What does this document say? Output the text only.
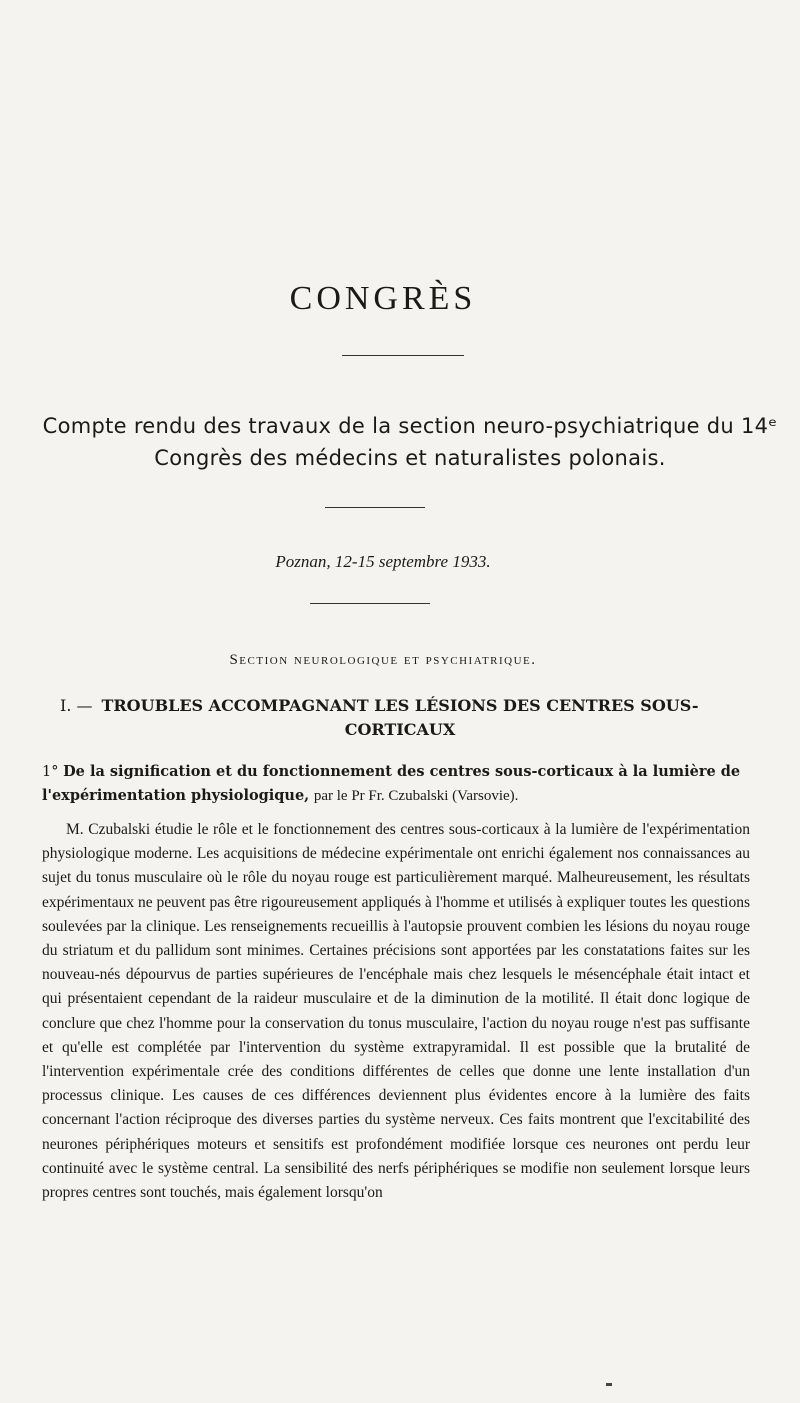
CONGRÈS
Compte rendu des travaux de la section neuro-psychiatrique du 14ᵉ Congrès des médecins et naturalistes polonais.
Poznan, 12-15 septembre 1933.
Section neurologique et psychiatrique.
I. — TROUBLES ACCOMPAGNANT LES LÉSIONS DES CENTRES SOUS-CORTICAUX
1° De la signification et du fonctionnement des centres sous-corticaux à la lumière de l'expérimentation physiologique, par le Pr Fr. Czubalski (Varsovie).

M. Czubalski étudie le rôle et le fonctionnement des centres sous-corticaux à la lumière de l'expérimentation physiologique moderne. Les acquisitions de médecine expérimentale ont enrichi également nos connaissances au sujet du tonus musculaire où le rôle du noyau rouge est particulièrement marqué. Malheureusement, les résultats expérimentaux ne peuvent pas être rigoureusement appliqués à l'homme et utilisés à expliquer toutes les questions soulevées par la clinique. Les renseignements recueillis à l'autopsie prouvent combien les lésions du noyau rouge du striatum et du pallidum sont minimes. Certaines précisions sont apportées par les constatations faites sur les nouveau-nés dépourvus de parties supérieures de l'encéphale mais chez lesquels le mésencéphale était intact et qui présentaient cependant de la raideur musculaire et de la diminution de la motilité. Il était donc logique de conclure que chez l'homme pour la conservation du tonus musculaire, l'action du noyau rouge n'est pas suffisante et qu'elle est complétée par l'intervention du système extrapyramidal. Il est possible que la brutalité de l'intervention expérimentale crée des conditions différentes de celles que donne une lente installation d'un processus clinique. Les causes de ces différences deviennent plus évidentes encore à la lumière des faits concernant l'action réciproque des diverses parties du système nerveux. Ces faits montrent que l'excitabilité des neurones périphériques moteurs et sensitifs est profondément modifiée lorsque ces neurones ont perdu leur continuité avec le système central. La sensibilité des nerfs périphériques se modifie non seulement lorsque leurs propres centres sont touchés, mais également lorsqu'on
